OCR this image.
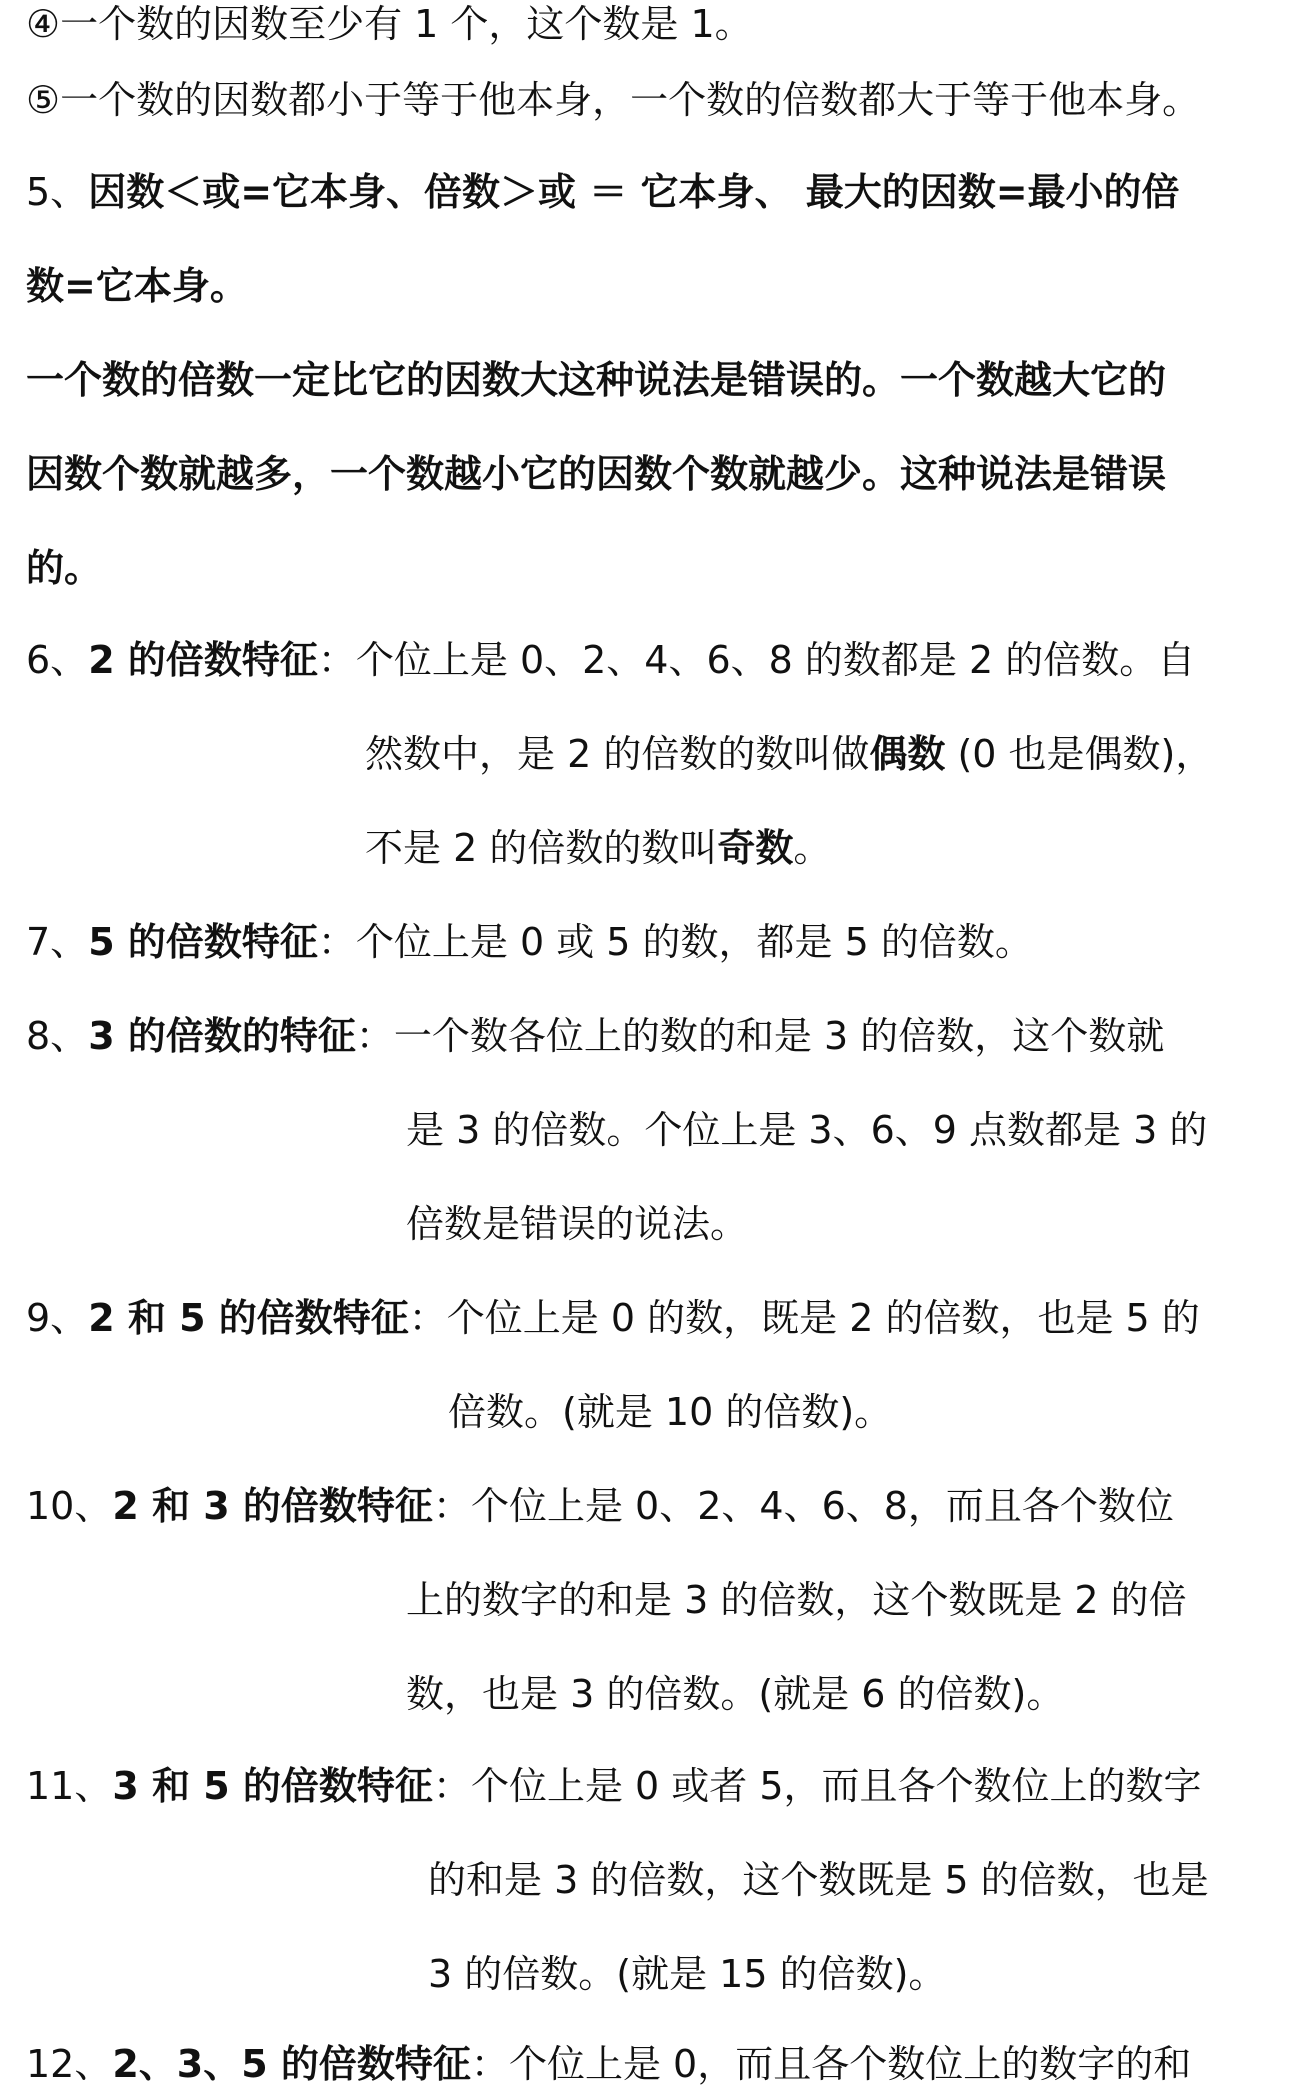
④一个数的因数至少有 1 个，这个数是 1。
⑤一个数的因数都小于等于他本身，一个数的倍数都大于等于他本身。
5、因数＜或=它本身、倍数＞或 ＝ 它本身、 最大的因数=最小的倍
数=它本身。
一个数的倍数一定比它的因数大这种说法是错误的。一个数越大它的
因数个数就越多，一个数越小它的因数个数就越少。这种说法是错误
的。
6、2 的倍数特征：个位上是 0、2、4、6、8 的数都是 2 的倍数。自
然数中，是 2 的倍数的数叫做偶数 (0 也是偶数)，
不是 2 的倍数的数叫奇数。
7、5 的倍数特征：个位上是 0 或 5 的数，都是 5 的倍数。
8、3 的倍数的特征：一个数各位上的数的和是 3 的倍数，这个数就
是 3 的倍数。个位上是 3、6、9 点数都是 3 的
倍数是错误的说法。
9、2 和 5 的倍数特征：个位上是 0 的数，既是 2 的倍数，也是 5 的
倍数。(就是 10 的倍数)。
10、2 和 3 的倍数特征：个位上是 0、2、4、6、8，而且各个数位
上的数字的和是 3 的倍数，这个数既是 2 的倍
数，也是 3 的倍数。(就是 6 的倍数)。
11、3 和 5 的倍数特征：个位上是 0 或者 5，而且各个数位上的数字
的和是 3 的倍数，这个数既是 5 的倍数，也是
3 的倍数。(就是 15 的倍数)。
12、2、3、5 的倍数特征：个位上是 0，而且各个数位上的数字的和
